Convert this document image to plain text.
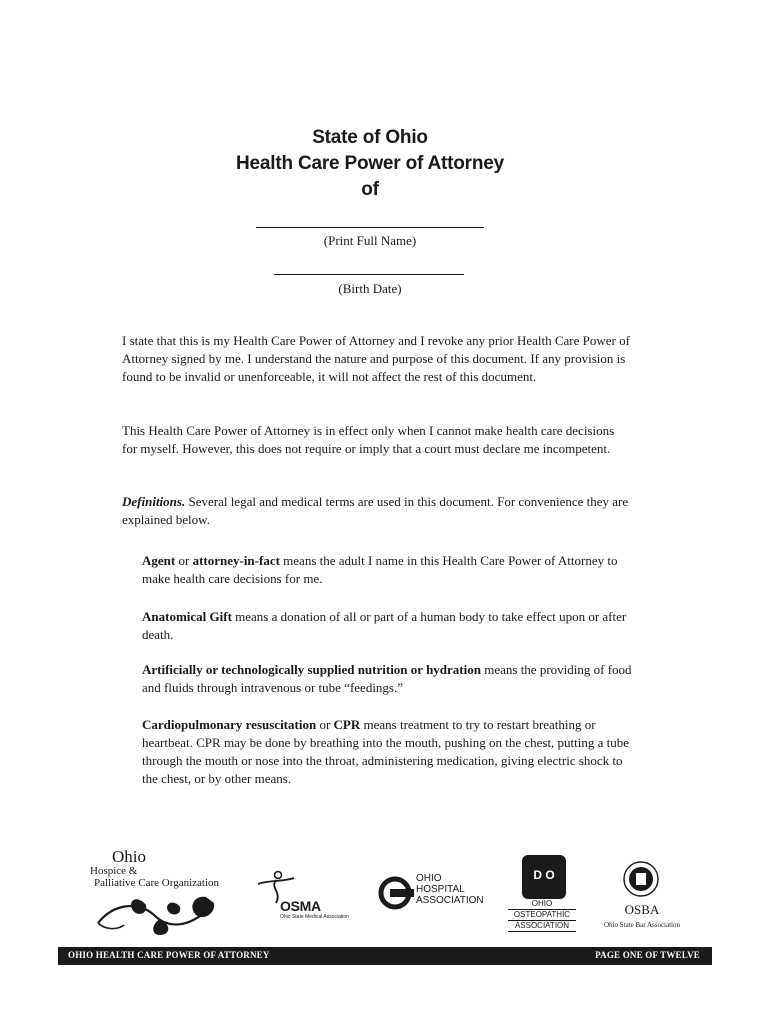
State of Ohio
Health Care Power of Attorney
of
(Print Full Name)
(Birth Date)

I state that this is my Health Care Power of Attorney and I revoke any prior Health Care Power of Attorney signed by me. I understand the nature and purpose of this document. If any provision is found to be invalid or unenforceable, it will not affect the rest of this document.

This Health Care Power of Attorney is in effect only when I cannot make health care decisions for myself. However, this does not require or imply that a court must declare me incompetent.

Definitions. Several legal and medical terms are used in this document. For convenience they are explained below.

Agent or attorney-in-fact means the adult I name in this Health Care Power of Attorney to make health care decisions for me.

Anatomical Gift means a donation of all or part of a human body to take effect upon or after death.

Artificially or technologically supplied nutrition or hydration means the providing of food and fluids through intravenous or tube “feedings.”

Cardiopulmonary resuscitation or CPR means treatment to try to restart breathing or heartbeat. CPR may be done by breathing into the mouth, pushing on the chest, putting a tube through the mouth or nose into the throat, administering medication, giving electric shock to the chest, or by other means.

Ohio
Hospice &
Palliative Care Organization
OSMA
Ohio State Medical Association
OHIO
HOSPITAL
ASSOCIATION
D O
OHIO
OSTEOPATHIC
ASSOCIATION
OSBA
Ohio State Bar Association
OHIO HEALTH CARE POWER OF ATTORNEY	PAGE ONE OF TWELVE
